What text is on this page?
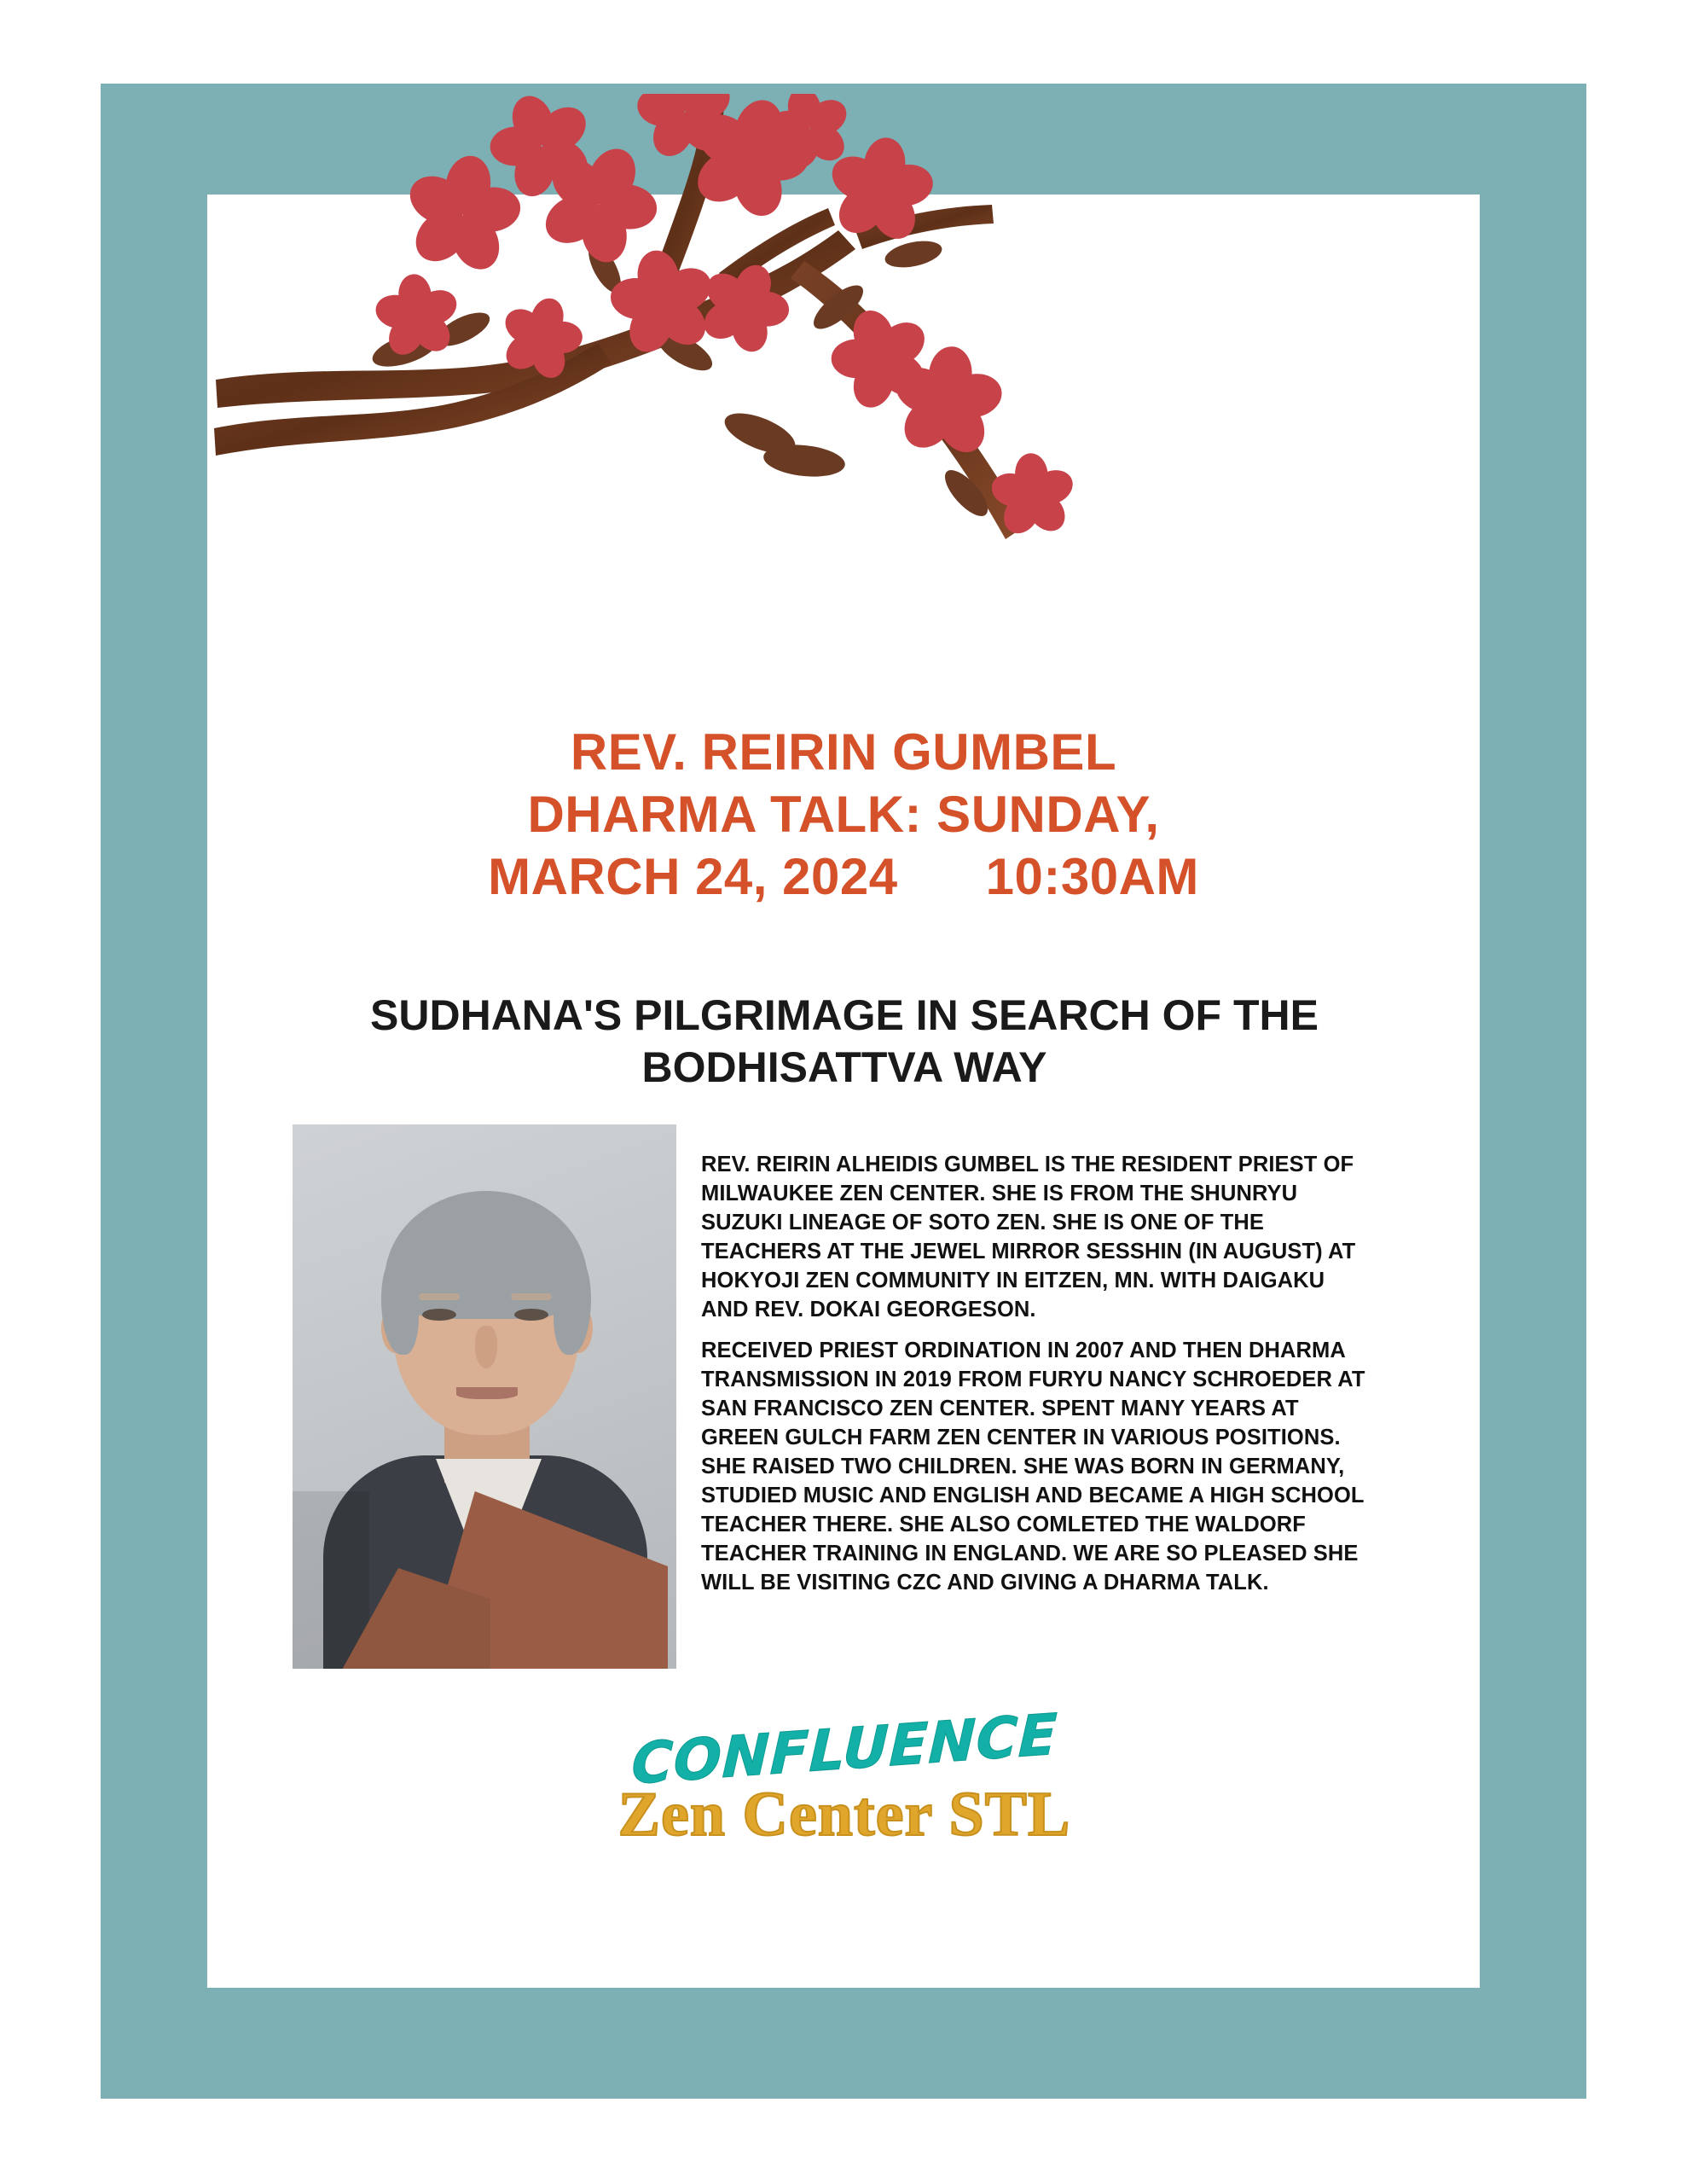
REV. REIRIN GUMBEL
DHARMA TALK: SUNDAY,
MARCH 24, 2024      10:30AM
SUDHANA'S PILGRIMAGE IN SEARCH OF THE BODHISATTVA WAY

REV. REIRIN ALHEIDIS GUMBEL IS THE RESIDENT PRIEST OF MILWAUKEE ZEN CENTER. SHE IS FROM THE SHUNRYU SUZUKI LINEAGE OF SOTO ZEN. SHE IS ONE OF THE TEACHERS AT THE JEWEL MIRROR SESSHIN (IN AUGUST) AT HOKYOJI ZEN COMMUNITY IN EITZEN, MN. WITH DAIGAKU AND REV. DOKAI GEORGESON.

RECEIVED PRIEST ORDINATION IN 2007 AND THEN DHARMA TRANSMISSION IN 2019 FROM FURYU NANCY SCHROEDER AT SAN FRANCISCO ZEN CENTER. SPENT MANY YEARS AT GREEN GULCH FARM ZEN CENTER IN VARIOUS POSITIONS. SHE RAISED TWO CHILDREN. SHE WAS BORN IN GERMANY, STUDIED MUSIC AND ENGLISH AND BECAME A HIGH SCHOOL TEACHER THERE. SHE ALSO COMLETED THE WALDORF TEACHER TRAINING IN ENGLAND. WE ARE SO PLEASED SHE WILL BE VISITING CZC AND GIVING A DHARMA TALK.

CONFLUENCE
Zen Center STL
